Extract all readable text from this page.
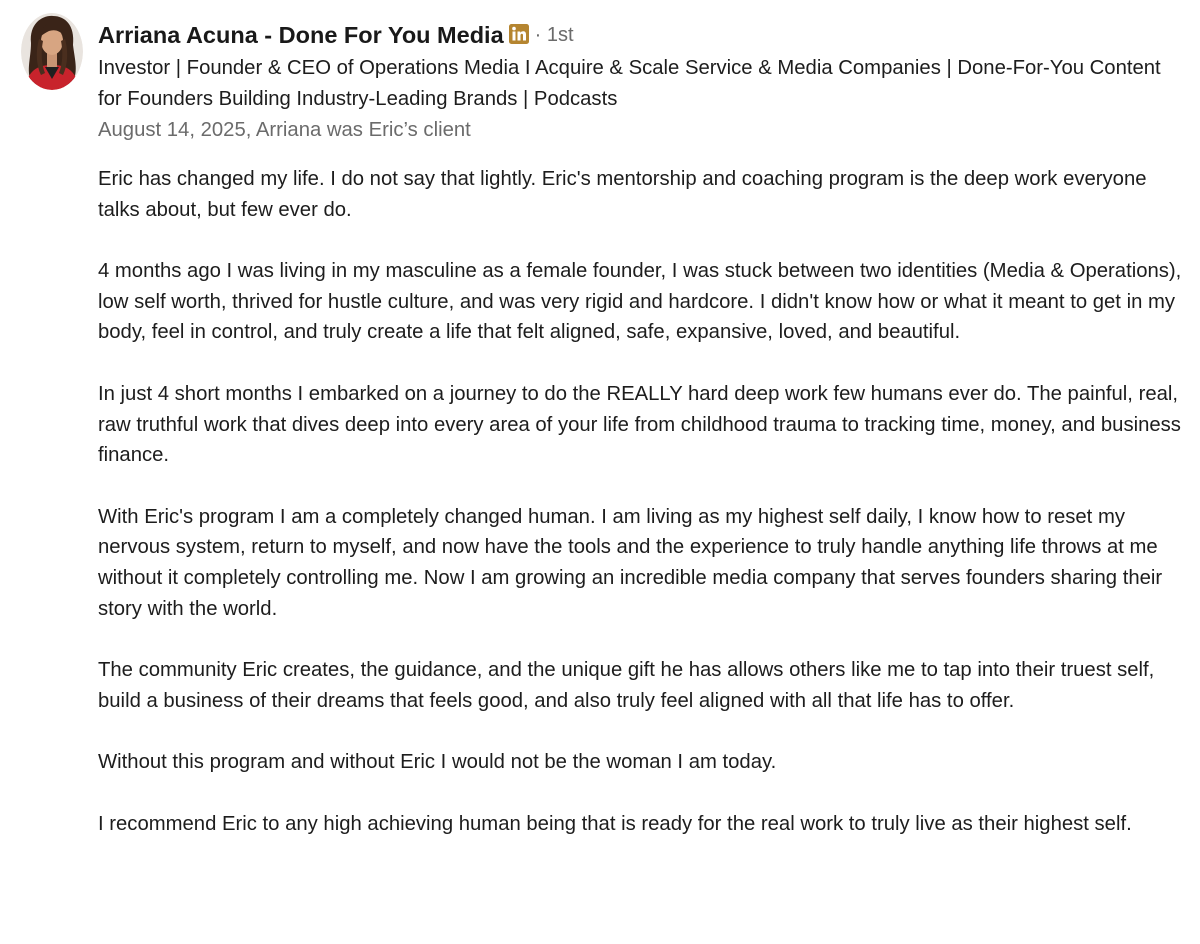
Arriana Acuna - Done For You Media · 1st
Investor | Founder & CEO of Operations Media I Acquire & Scale Service & Media Companies | Done-For-You Content for Founders Building Industry-Leading Brands | Podcasts
August 14, 2025, Arriana was Eric’s client

Eric has changed my life. I do not say that lightly. Eric's mentorship and coaching program is the deep work everyone talks about, but few ever do.

4 months ago I was living in my masculine as a female founder, I was stuck between two identities (Media & Operations), low self worth, thrived for hustle culture, and was very rigid and hardcore. I didn't know how or what it meant to get in my body, feel in control, and truly create a life that felt aligned, safe, expansive, loved, and beautiful.

In just 4 short months I embarked on a journey to do the REALLY hard deep work few humans ever do. The painful, real, raw truthful work that dives deep into every area of your life from childhood trauma to tracking time, money, and business finance.

With Eric's program I am a completely changed human. I am living as my highest self daily, I know how to reset my nervous system, return to myself, and now have the tools and the experience to truly handle anything life throws at me without it completely controlling me. Now I am growing an incredible media company that serves founders sharing their story with the world.

The community Eric creates, the guidance, and the unique gift he has allows others like me to tap into their truest self, build a business of their dreams that feels good, and also truly feel aligned with all that life has to offer.

Without this program and without Eric I would not be the woman I am today.

I recommend Eric to any high achieving human being that is ready for the real work to truly live as their highest self.
